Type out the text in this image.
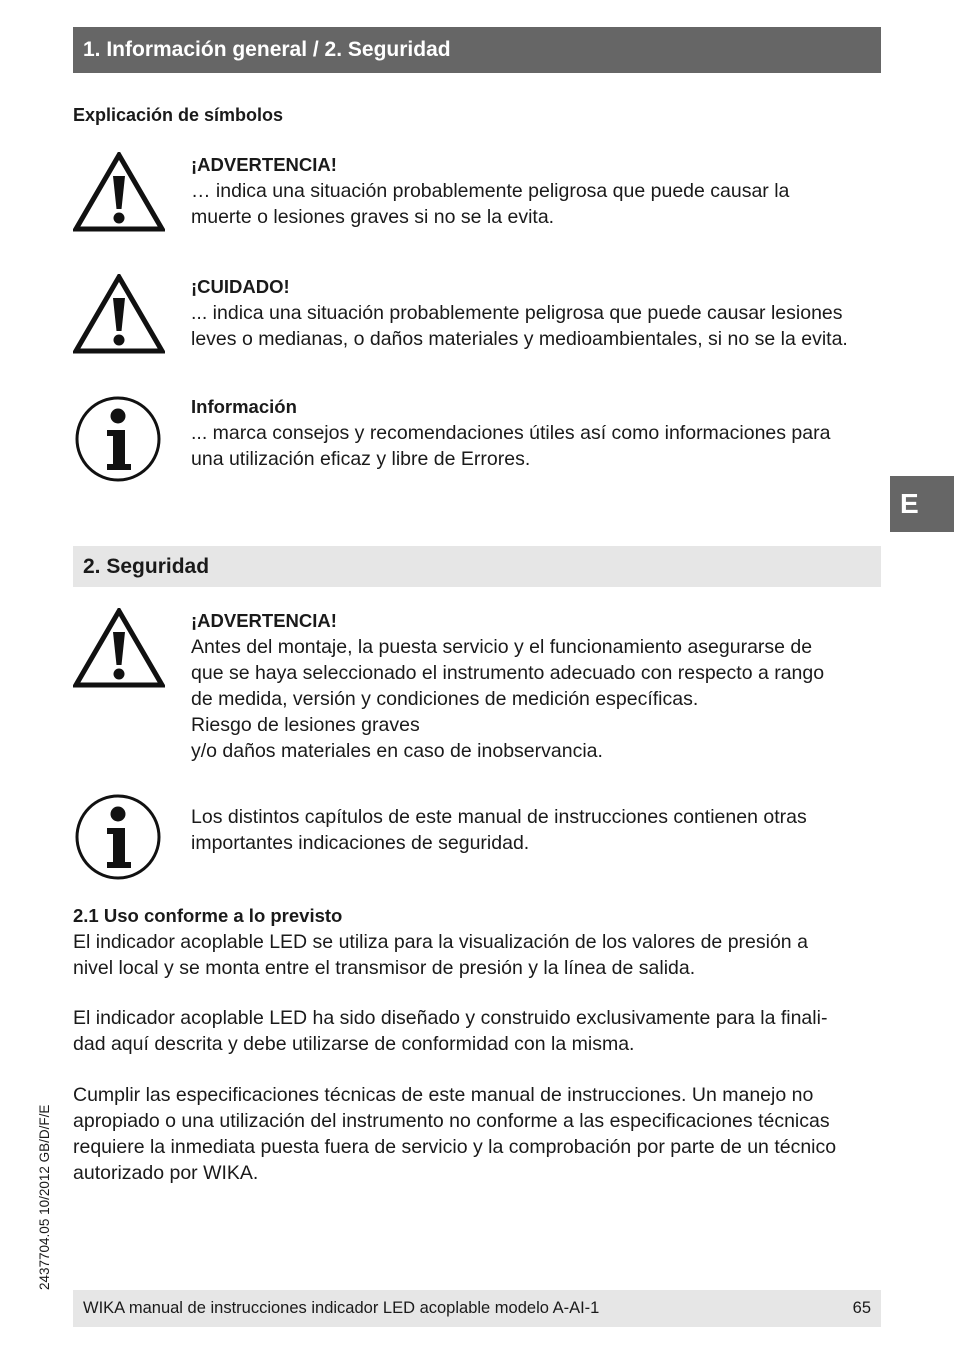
1. Información general / 2. Seguridad
Explicación de símbolos
¡ADVERTENCIA!
… indica una situación probablemente peligrosa que puede causar la
muerte o lesiones graves si no se la evita.
¡CUIDADO!
... indica una situación probablemente peligrosa que puede causar lesiones
leves o medianas, o daños materiales y medioambientales, si no se la evita.
Información
... marca consejos y recomendaciones útiles así como informaciones para
una utilización eficaz y libre de Errores.
E
2. Seguridad
¡ADVERTENCIA!
Antes del montaje, la puesta servicio y el funcionamiento asegurarse de
que se haya seleccionado el instrumento adecuado con respecto a rango
de medida, versión y condiciones de medición específicas.
Riesgo de lesiones graves
y/o daños materiales en caso de inobservancia.
Los distintos capítulos de este manual de instrucciones contienen otras
importantes indicaciones de seguridad.
2.1 Uso conforme a lo previsto
El indicador acoplable LED se utiliza para la visualización de los valores de presión a
nivel local y se monta entre el transmisor de presión y la línea de salida.
El indicador acoplable LED ha sido diseñado y construido exclusivamente para la finali-
dad aquí descrita y debe utilizarse de conformidad con la misma.
Cumplir las especificaciones técnicas de este manual de instrucciones. Un manejo no
apropiado o una utilización del instrumento no conforme a las especificaciones técnicas
requiere la inmediata puesta fuera de servicio y la comprobación por parte de un técnico
autorizado por WIKA.
2437704.05 10/2012 GB/D/F/E
WIKA manual de instrucciones indicador LED acoplable modelo A-AI-1	65
